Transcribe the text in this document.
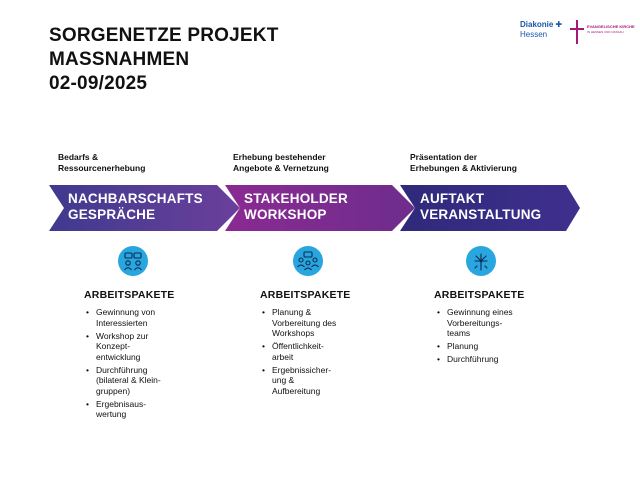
SORGENETZE PROJEKT
MASSNAHMEN
02-09/2025
Diakonie ✚
Hessen
EVANGELISCHE KIRCHE
IN HESSEN UND NASSAU
Bedarfs &
Ressourcenerhebung
Erhebung bestehender
Angebote & Vernetzung
Präsentation der
Erhebungen & Aktivierung
NACHBARSCHAFTS
GESPRÄCHE
STAKEHOLDER
WORKSHOP
AUFTAKT
VERANSTALTUNG
ARBEITSPAKETE	ARBEITSPAKETE	ARBEITSPAKETE
• Gewinnung von
Interessierten
• Workshop zur
Konzept-
entwicklung
• Durchführung
(bilateral & Klein-
gruppen)
• Ergebnisaus-
wertung
• Planung &
Vorbereitung des
Workshops
• Öffentlichkeit-
arbeit
• Ergebnissicher-
ung &
Aufbereitung
• Gewinnung eines
Vorbereitungs-
teams
• Planung
• Durchführung
